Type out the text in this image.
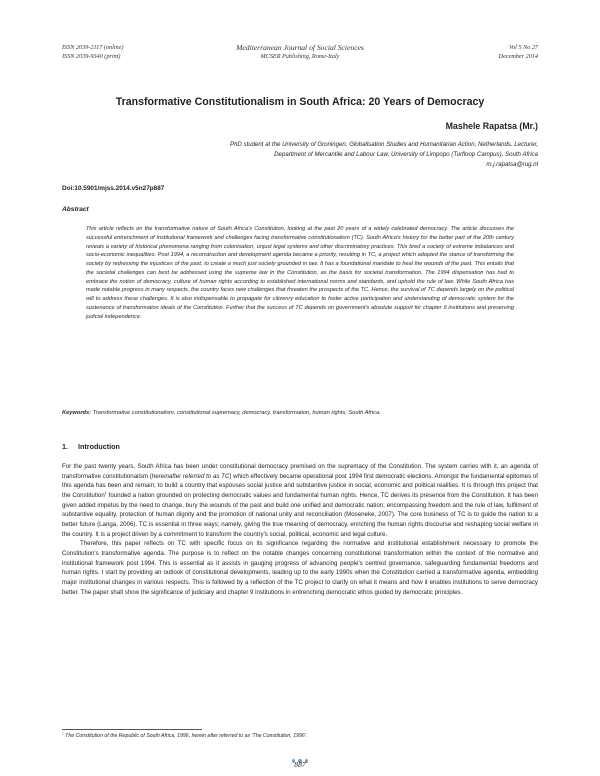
ISSN 2039-2117 (online)
ISSN 2039-9340 (print)
Mediterranean Journal of Social Sciences
MCSER Publishing, Rome-Italy
Vol 5 No 27
December 2014
Transformative Constitutionalism in South Africa: 20 Years of Democracy
Mashele Rapatsa (Mr.)
PhD student at the University of Groningen, Globalisation Studies and Humanitarian Action, Netherlands. Lecturer,
Department of Mercantile and Labour Law, University of Limpopo (Turfloop Campus), South Africa
m.j.rapatsa@rug.nl
Doi:10.5901/mjss.2014.v5n27p887
Abstract

This article reflects on the transformative nature of South Africa's Constitution, looking at the past 20 years of a widely celebrated democracy. The article discusses the successful entrenchment of institutional framework and challenges facing transformative constitutionalism (TC). South Africa's history for the better part of the 20th century reveals a variety of historical phenomena ranging from colonisation, unjust legal systems and other discriminatory practices. This bred a society of extreme imbalances and socio-economic inequalities. Post 1994, a reconstruction and development agenda became a priority, resulting in TC, a project which adopted the stance of transforming the society by redressing the injustices of the past, to create a much just society grounded in law. It has a foundational mandate to heal the wounds of the past. This entails that the societal challenges can best be addressed using the supreme law in the Constitution, as the basis for societal transformation. The 1994 dispensation has had to embrace the notion of democracy, culture of human rights according to established international norms and standards, and uphold the rule of law. While South Africa has made notable progress in many respects, the country faces new challenges that threaten the prospects of the TC. Hence, the survival of TC depends largely on the political will to address these challenges. It is also indispensable to propagate for citizenry education to foster active participation and understanding of democratic system for the sustenance of transformation ideals of the Constitution. Further that the success of TC depends on government's absolute support for chapter 9 institutions and preserving judicial independence.

Keywords: Transformative constitutionalism, constitutional supremacy, democracy, transformation, human rights, South Africa.
1. Introduction

For the past twenty years, South Africa has been under constitutional democracy premised on the supremacy of the Constitution. The system carries with it, an agenda of transformative constitutionalism (hereinafter referred to as TC) which effectively became operational post 1994 first democratic elections. Amongst the fundamental epitomes of this agenda has been and remain; to build a country that espouses social justice and substantive justice in social, economic and political realities. It is through this project that the Constitution$^1$ founded a nation grounded on protecting democratic values and fundamental human rights. Hence, TC derives its presence from the Constitution. It has been given added impetus by the need to change, bury the wounds of the past and build one unified and democratic nation; encompassing freedom and the rule of law, fulfilment of substantive equality, protection of human dignity and the promotion of national unity and reconciliation (Moseneke, 2007). The core business of TC is to guide the nation to a better future (Langa, 2006). TC is essential in three ways; namely, giving the true meaning of democracy, enriching the human rights discourse and reshaping social welfare in the country. It is a project driven by a commitment to transform the country's social, political, economic and legal culture.

Therefore, this paper reflects on TC with specific focus on its significance regarding the normative and institutional establishment necessary to promote the Constitution's transformative agenda. The purpose is to reflect on the notable changes concerning constitutional transformation within the context of the normative and institutional framework post 1994. This is essential as it assists in gauging progress of advancing people's centred governance, safeguarding fundamental freedoms and human rights. I start by providing an outlook of constitutional developments, leading up to the early 1990s when the Constitution carried a transformative agenda, embedding major institutional changes in various respects. This is followed by a reflection of the TC project to clarify on what it means and how it enables institutions to serve democracy better. The paper shall show the significance of judiciary and chapter 9 institutions in entrenching democratic ethos guided by democratic principles.

$^1$ The Constitution of the Republic of South Africa, 1996, herein after referred to as 'The Constitution, 1996'.
887
